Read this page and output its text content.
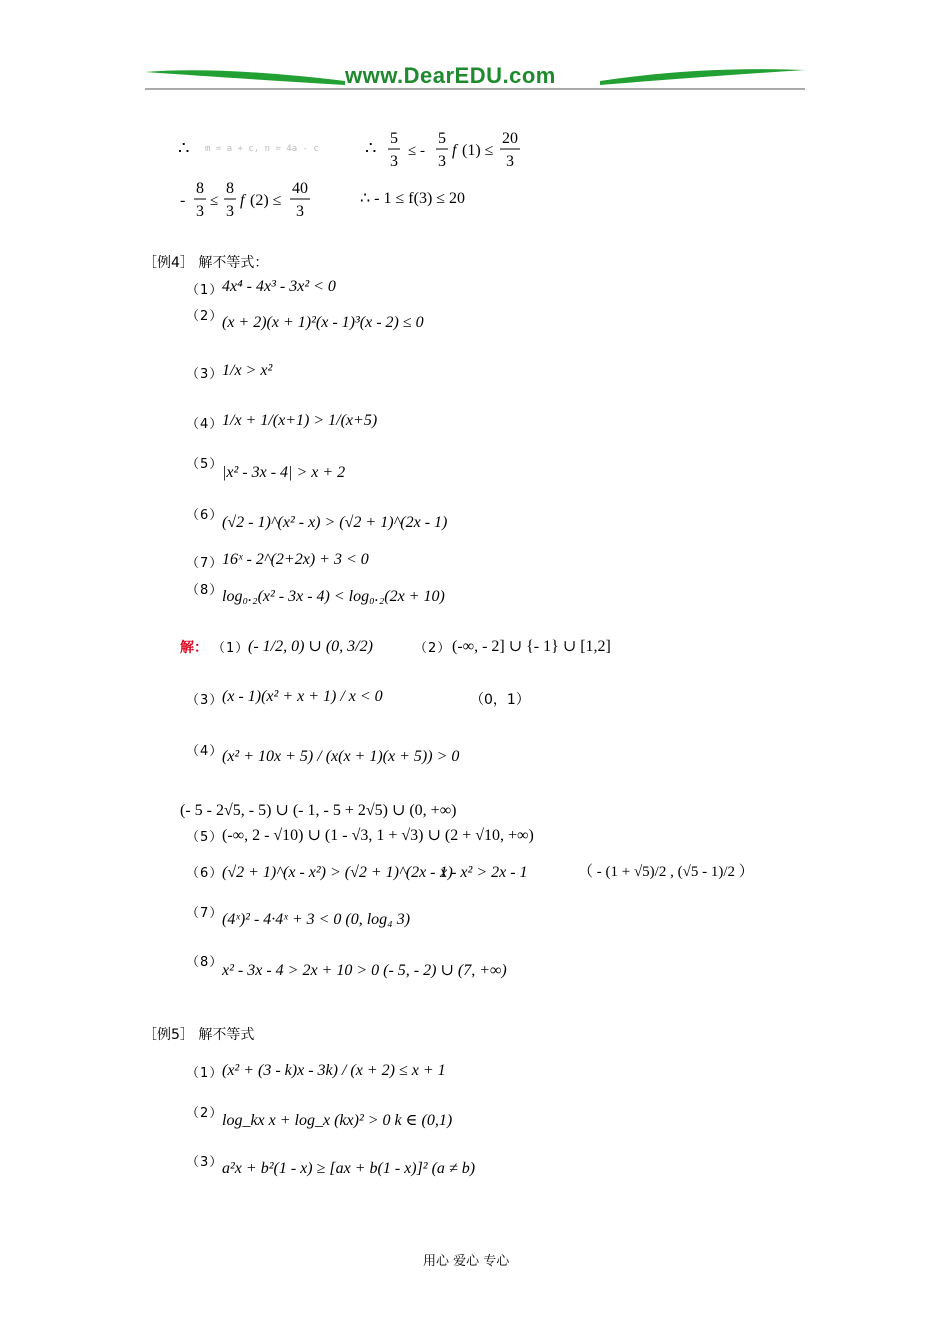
www.DearEDU.com
∴ m = a + c, n = 4a - c	∴ 5
3
≤ -
5
3
f (1) ≤
20
3
-
8
3
≤
8
3
f (2) ≤
40
3
∴ - 1 ≤ f(3) ≤ 20
［例4］ 解不等式：
（1）
4x⁴ - 4x³ - 3x² < 0
（2）
(x + 2)(x + 1)²(x - 1)³(x - 2) ≤ 0
（3）
1/x > x²
（4）
1/x + 1/(x+1) > 1/(x+5)
（5）
|x² - 3x - 4| > x + 2
（6）
(√2 - 1)^(x² - x) > (√2 + 1)^(2x - 1)
（7）
16ˣ - 2^(2+2x) + 3 < 0
（8）
log₀.₂(x² - 3x - 4) < log₀.₂(2x + 10)
解： （1）
(- 1/2, 0) ∪ (0, 3/2)	（2） (-∞, - 2] ∪ {- 1} ∪ [1,2]
（3）
(x - 1)(x² + x + 1) / x < 0	（0，1）
（4）
(x² + 10x + 5) / (x(x + 1)(x + 5)) > 0
(- 5 - 2√5, - 5) ∪ (- 1, - 5 + 2√5) ∪ (0, +∞)
（5）
(-∞, 2 - √10) ∪ (1 - √3, 1 + √3) ∪ (2 + √10, +∞)
（6）
(√2 + 1)^(x - x²) > (√2 + 1)^(2x - 1)
x - x² > 2x - 1	（ - (1 + √5)/2 , (√5 - 1)/2 ）
（7）
(4ˣ)² - 4·4ˣ + 3 < 0 (0, log₄ 3)
（8）
x² - 3x - 4 > 2x + 10 > 0 (- 5, - 2) ∪ (7, +∞)
［例5］ 解不等式
（1）
(x² + (3 - k)x - 3k) / (x + 2) ≤ x + 1
（2）
log_kx x + log_x (kx)² > 0 k ∈ (0,1)
（3）
a²x + b²(1 - x) ≥ [ax + b(1 - x)]² (a ≠ b)
用心 爱心 专心
